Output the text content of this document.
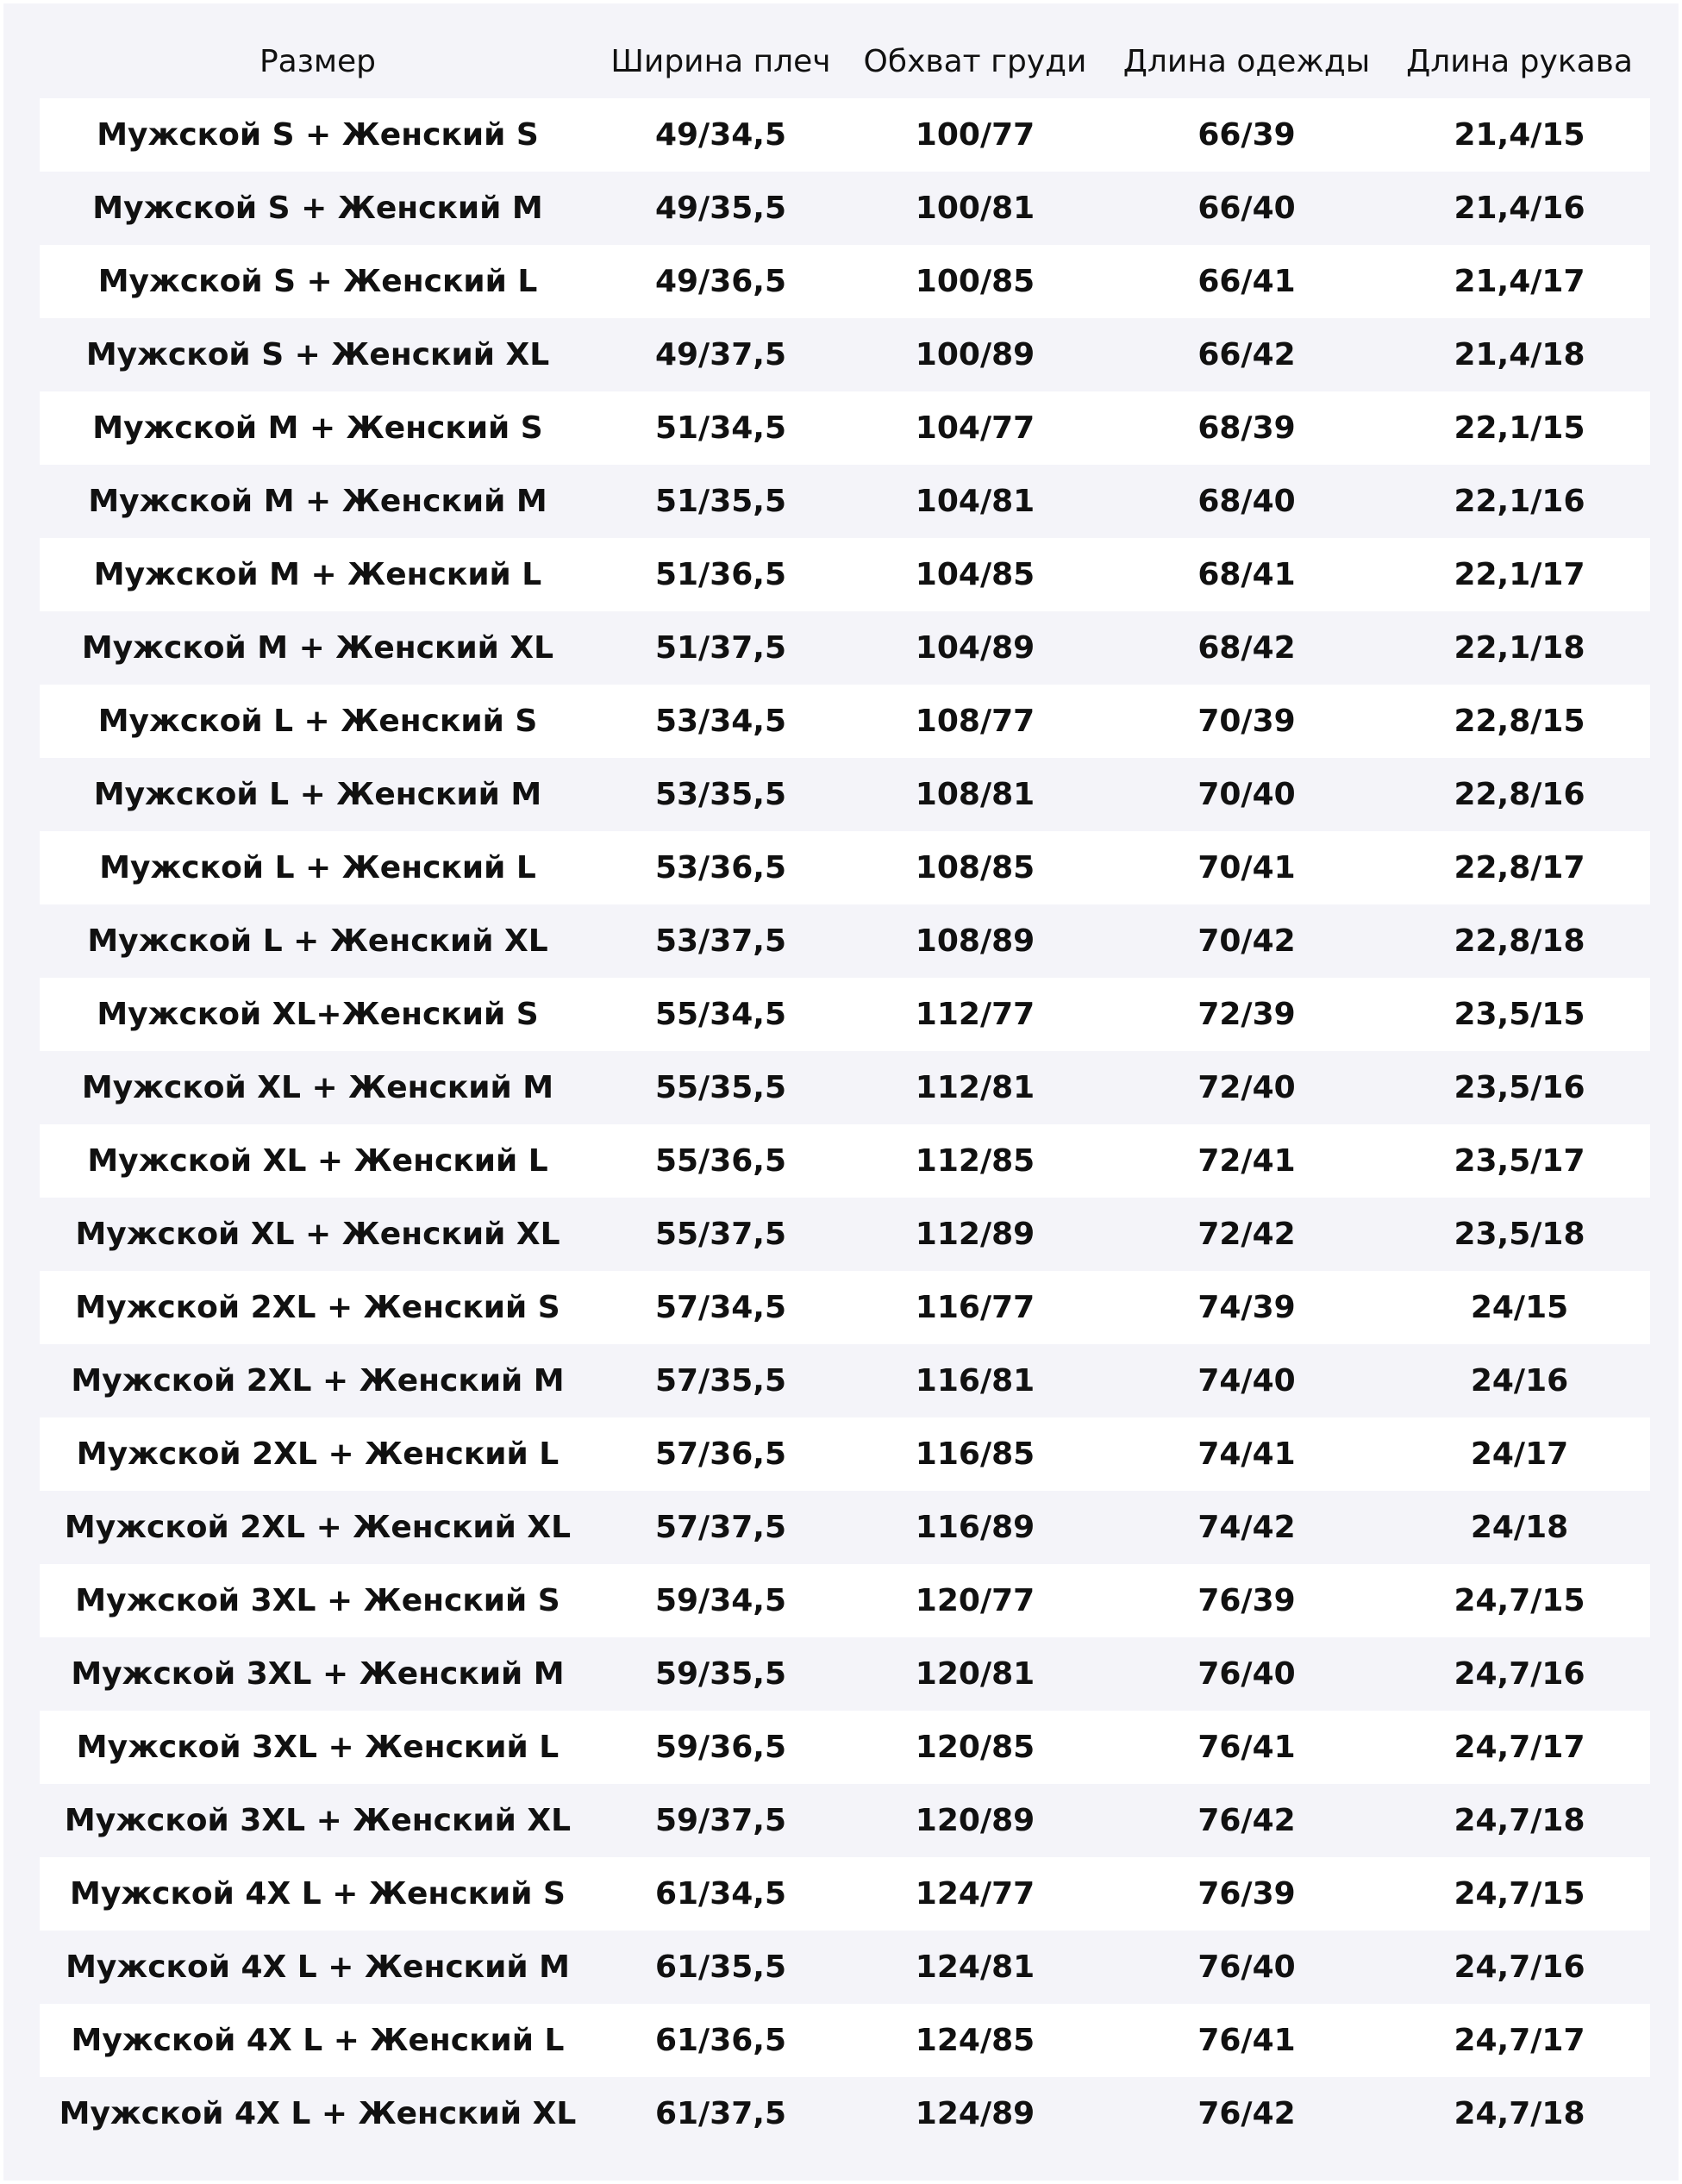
Размер	Ширина плеч	Обхват груди	Длина одежды	Длина рукава
Мужской S + Женский S	49/34,5	100/77	66/39	21,4/15
Мужской S + Женский M	49/35,5	100/81	66/40	21,4/16
Мужской S + Женский L	49/36,5	100/85	66/41	21,4/17
Мужской S + Женский XL	49/37,5	100/89	66/42	21,4/18
Мужской M + Женский S	51/34,5	104/77	68/39	22,1/15
Мужской M + Женский M	51/35,5	104/81	68/40	22,1/16
Мужской M + Женский L	51/36,5	104/85	68/41	22,1/17
Мужской M + Женский XL	51/37,5	104/89	68/42	22,1/18
Мужской L + Женский S	53/34,5	108/77	70/39	22,8/15
Мужской L + Женский M	53/35,5	108/81	70/40	22,8/16
Мужской L + Женский L	53/36,5	108/85	70/41	22,8/17
Мужской L + Женский XL	53/37,5	108/89	70/42	22,8/18
Мужской XL+Женский S	55/34,5	112/77	72/39	23,5/15
Мужской XL + Женский M	55/35,5	112/81	72/40	23,5/16
Мужской XL + Женский L	55/36,5	112/85	72/41	23,5/17
Мужской XL + Женский XL	55/37,5	112/89	72/42	23,5/18
Мужской 2XL + Женский S	57/34,5	116/77	74/39	24/15
Мужской 2XL + Женский M	57/35,5	116/81	74/40	24/16
Мужской 2XL + Женский L	57/36,5	116/85	74/41	24/17
Мужской 2XL + Женский XL	57/37,5	116/89	74/42	24/18
Мужской 3XL + Женский S	59/34,5	120/77	76/39	24,7/15
Мужской 3XL + Женский M	59/35,5	120/81	76/40	24,7/16
Мужской 3XL + Женский L	59/36,5	120/85	76/41	24,7/17
Мужской 3XL + Женский XL	59/37,5	120/89	76/42	24,7/18
Мужской 4X L + Женский S	61/34,5	124/77	76/39	24,7/15
Мужской 4X L + Женский M	61/35,5	124/81	76/40	24,7/16
Мужской 4X L + Женский L	61/36,5	124/85	76/41	24,7/17
Мужской 4X L + Женский XL	61/37,5	124/89	76/42	24,7/18
